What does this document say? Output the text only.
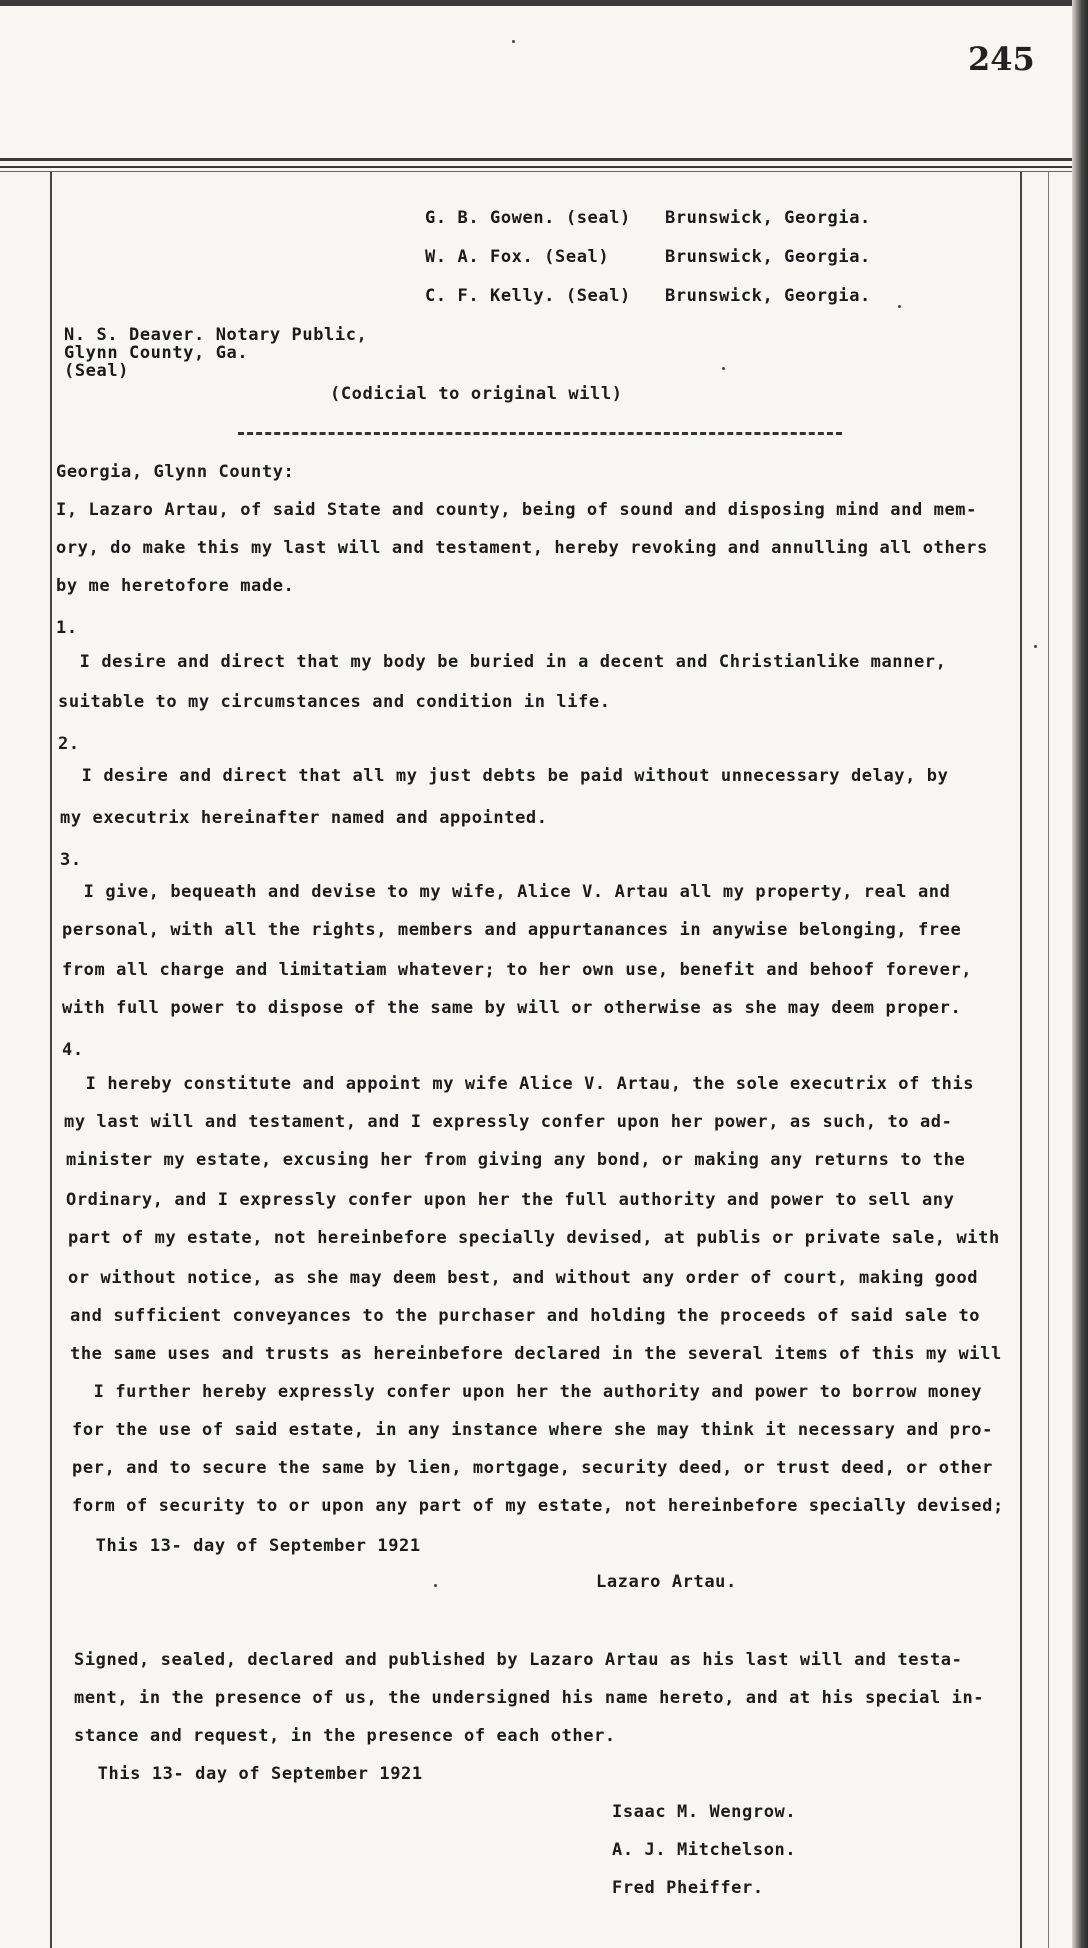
245

G. B. Gowen. (seal) Brunswick, Georgia.
W. A. Fox. (Seal)	Brunswick, Georgia.
C. F. Kelly. (Seal) Brunswick, Georgia.
N. S. Deaver. Notary Public,
Glynn County, Ga.
(Seal)

(Codicial to original will)

Georgia, Glynn County:

I, Lazaro Artau, of said State and county, being of sound and disposing mind and mem-

ory, do make this my last will and testament, hereby revoking and annulling all others

by me heretofore made.

1.

I desire and direct that my body be buried in a decent and Christianlike manner,

suitable to my circumstances and condition in life.

2.

I desire and direct that all my just debts be paid without unnecessary delay, by

my executrix hereinafter named and appointed.

3.

I give, bequeath and devise to my wife, Alice V. Artau all my property, real and

personal, with all the rights, members and appurtanances in anywise belonging, free

from all charge and limitatiam whatever; to her own use, benefit and behoof forever,

with full power to dispose of the same by will or otherwise as she may deem proper.

4.

I hereby constitute and appoint my wife Alice V. Artau, the sole executrix of this

my last will and testament, and I expressly confer upon her power, as such, to ad-

minister my estate, excusing her from giving any bond, or making any returns to the

Ordinary, and I expressly confer upon her the full authority and power to sell any

part of my estate, not hereinbefore specially devised, at publis or private sale, with

or without notice, as she may deem best, and without any order of court, making good

and sufficient conveyances to the purchaser and holding the proceeds of said sale to

the same uses and trusts as hereinbefore declared in the several items of this my will

I further hereby expressly confer upon her the authority and power to borrow money

for the use of said estate, in any instance where she may think it necessary and pro-

per, and to secure the same by lien, mortgage, security deed, or trust deed, or other

form of security to or upon any part of my estate, not hereinbefore specially devised;

This 13- day of September 1921

Lazaro Artau.

Signed, sealed, declared and published by Lazaro Artau as his last will and testa-

ment, in the presence of us, the undersigned his name hereto, and at his special in-

stance and request, in the presence of each other.

This 13- day of September 1921

Isaac M. Wengrow.

A. J. Mitchelson.

Fred Pheiffer.
